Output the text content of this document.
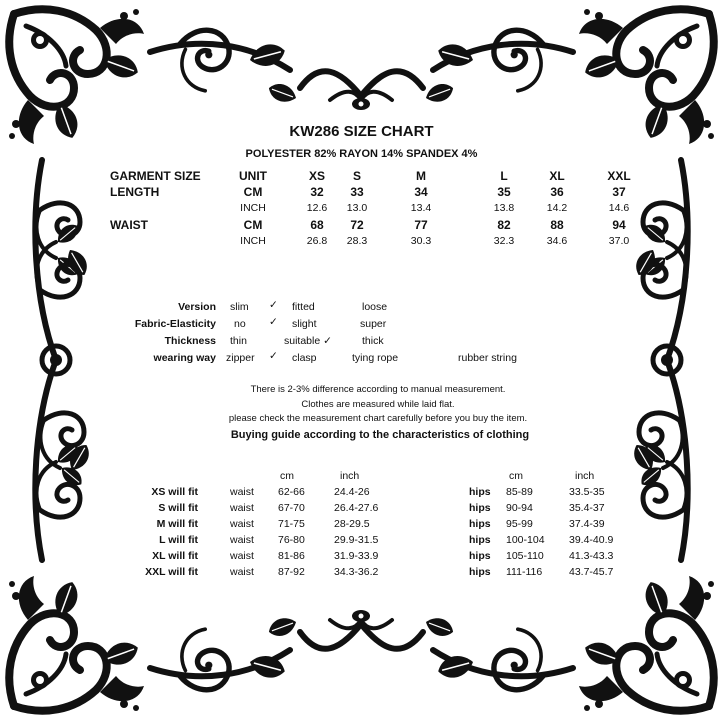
KW286 SIZE CHART
POLYESTER 82% RAYON 14% SPANDEX 4%
GARMENT SIZE	UNIT	XS	S	M	L	XL	XXL
LENGTH	CM	32	33	34	35	36	37
INCH	12.6	13.0	13.4	13.8	14.2	14.6
WAIST	CM	68	72	77	82	88	94
INCH	26.8	28.3	30.3	32.3	34.6	37.0
Version slim ✓ fitted	loose
Fabric-Elasticity no ✓ slight	super
Thickness thin	suitable ✓	thick
wearing way zipper ✓ clasp	tying rope	rubber string
There is 2-3% difference according to manual measurement.
Clothes are measured while laid flat.
please check the measurement chart carefully before you buy the item.
Buying guide according to the characteristics of clothing
cm	inch	cm	inch
XS will fit	waist 62-66	24.4-26	hips 85-89	33.5-35
S will fit	waist 67-70	26.4-27.6	hips 90-94	35.4-37
M will fit	waist 71-75	28-29.5	hips 95-99	37.4-39
L will fit	waist 76-80	29.9-31.5	hips 100-104 39.4-40.9
XL will fit	waist 81-86	31.9-33.9	hips 105-110 41.3-43.3
XXL will fit	waist 87-92	34.3-36.2	hips 111-116	43.7-45.7
